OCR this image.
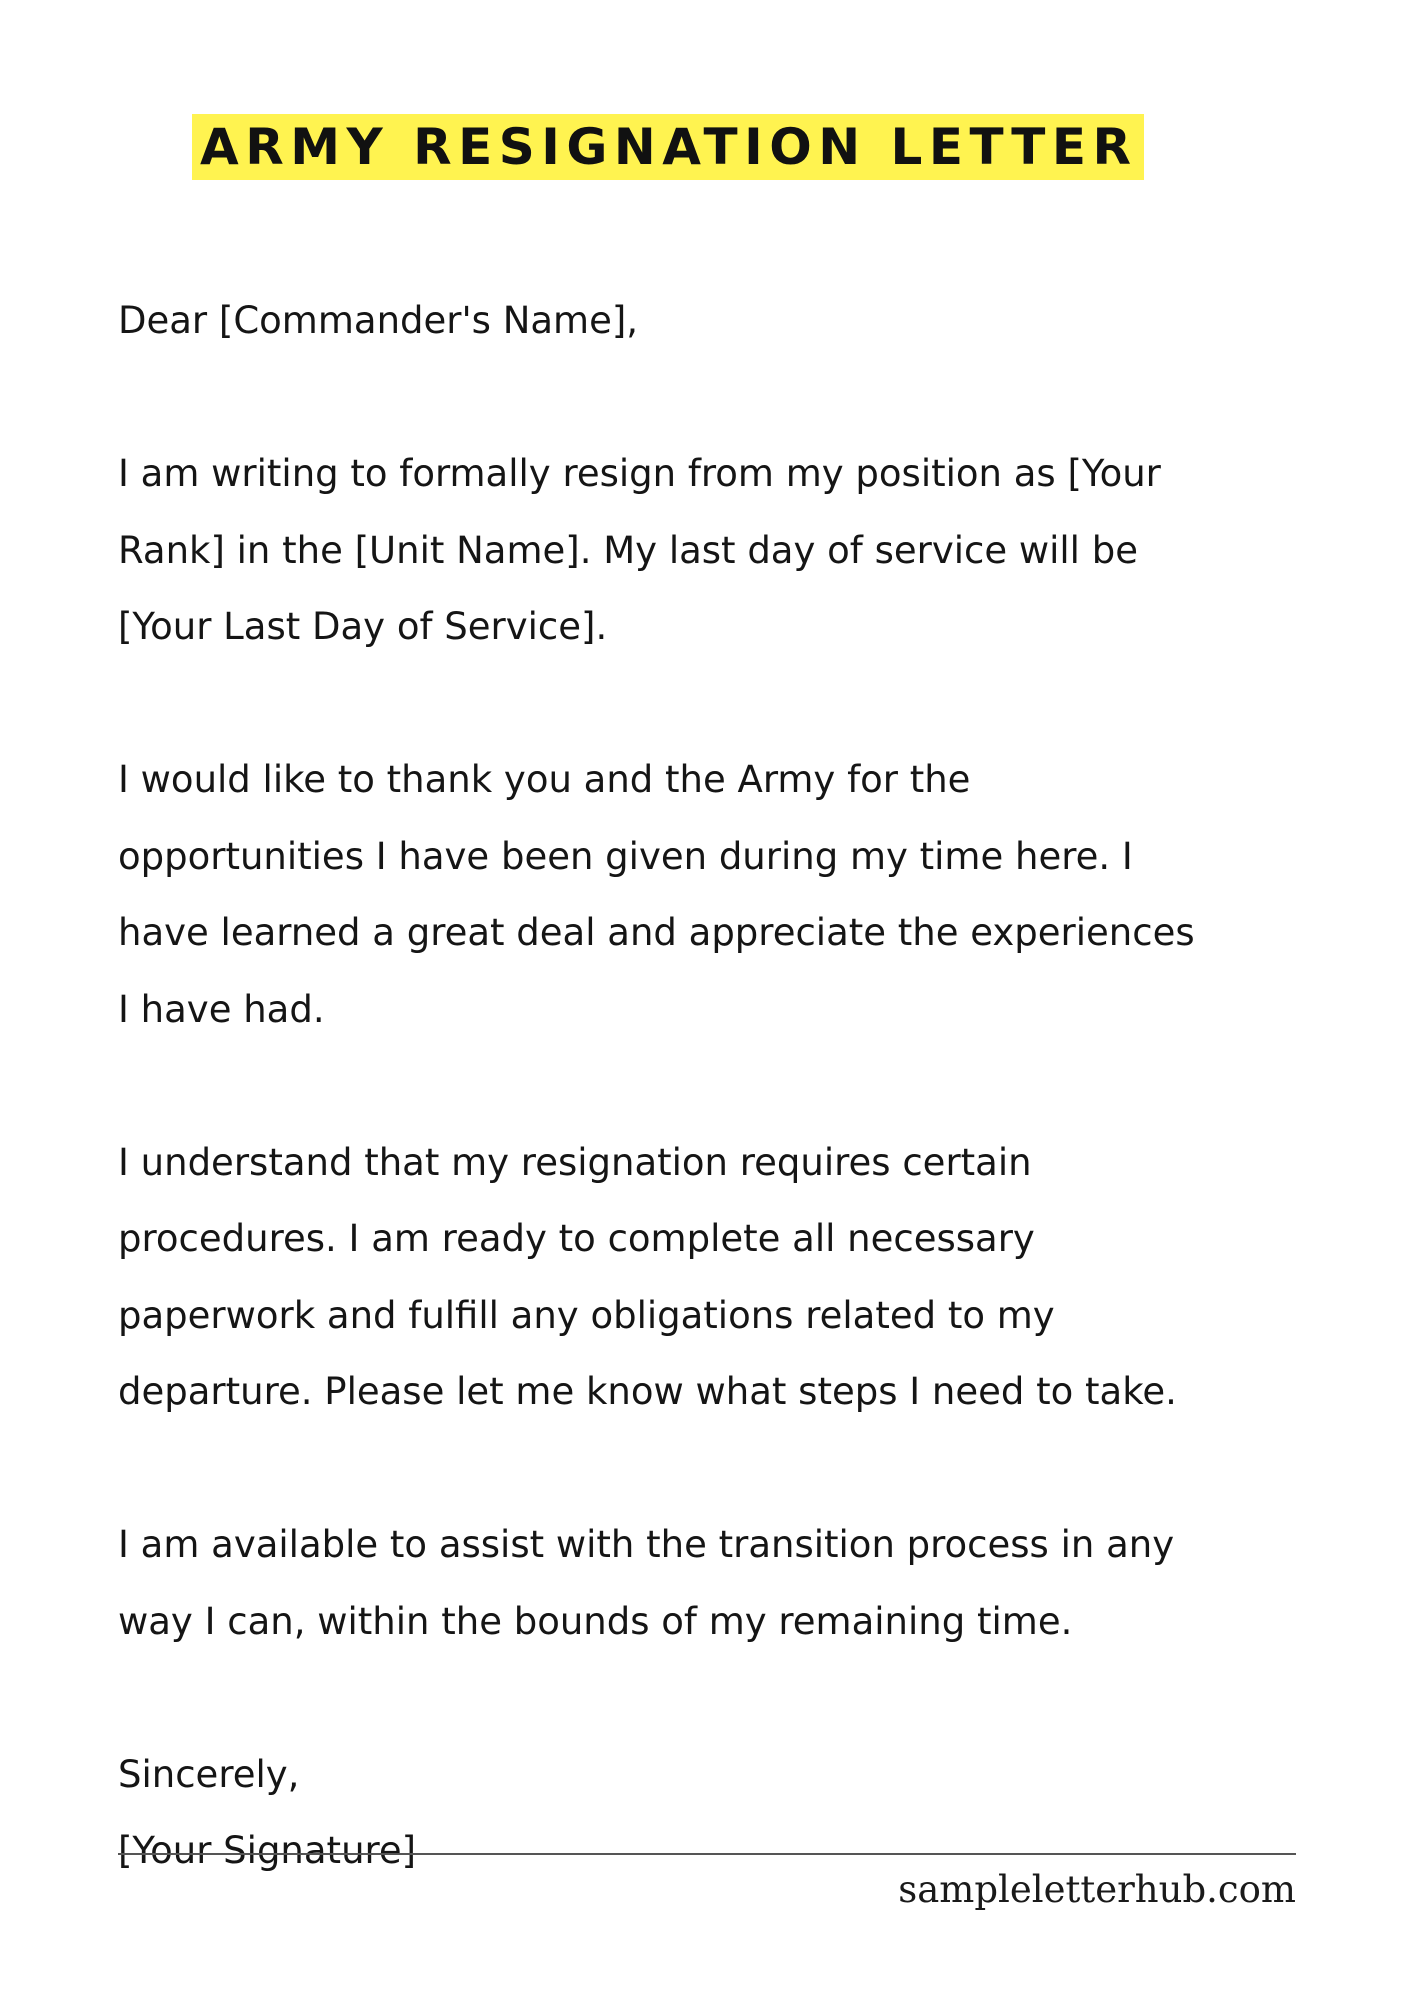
ARMY RESIGNATION LETTER

Dear [Commander's Name],

I am writing to formally resign from my position as [Your
Rank] in the [Unit Name]. My last day of service will be
[Your Last Day of Service].

I would like to thank you and the Army for the
opportunities I have been given during my time here. I
have learned a great deal and appreciate the experiences
I have had.

I understand that my resignation requires certain
procedures. I am ready to complete all necessary
paperwork and fulfill any obligations related to my
departure. Please let me know what steps I need to take.

I am available to assist with the transition process in any
way I can, within the bounds of my remaining time.

Sincerely,
[Your Signature]

sampleletterhub.com
